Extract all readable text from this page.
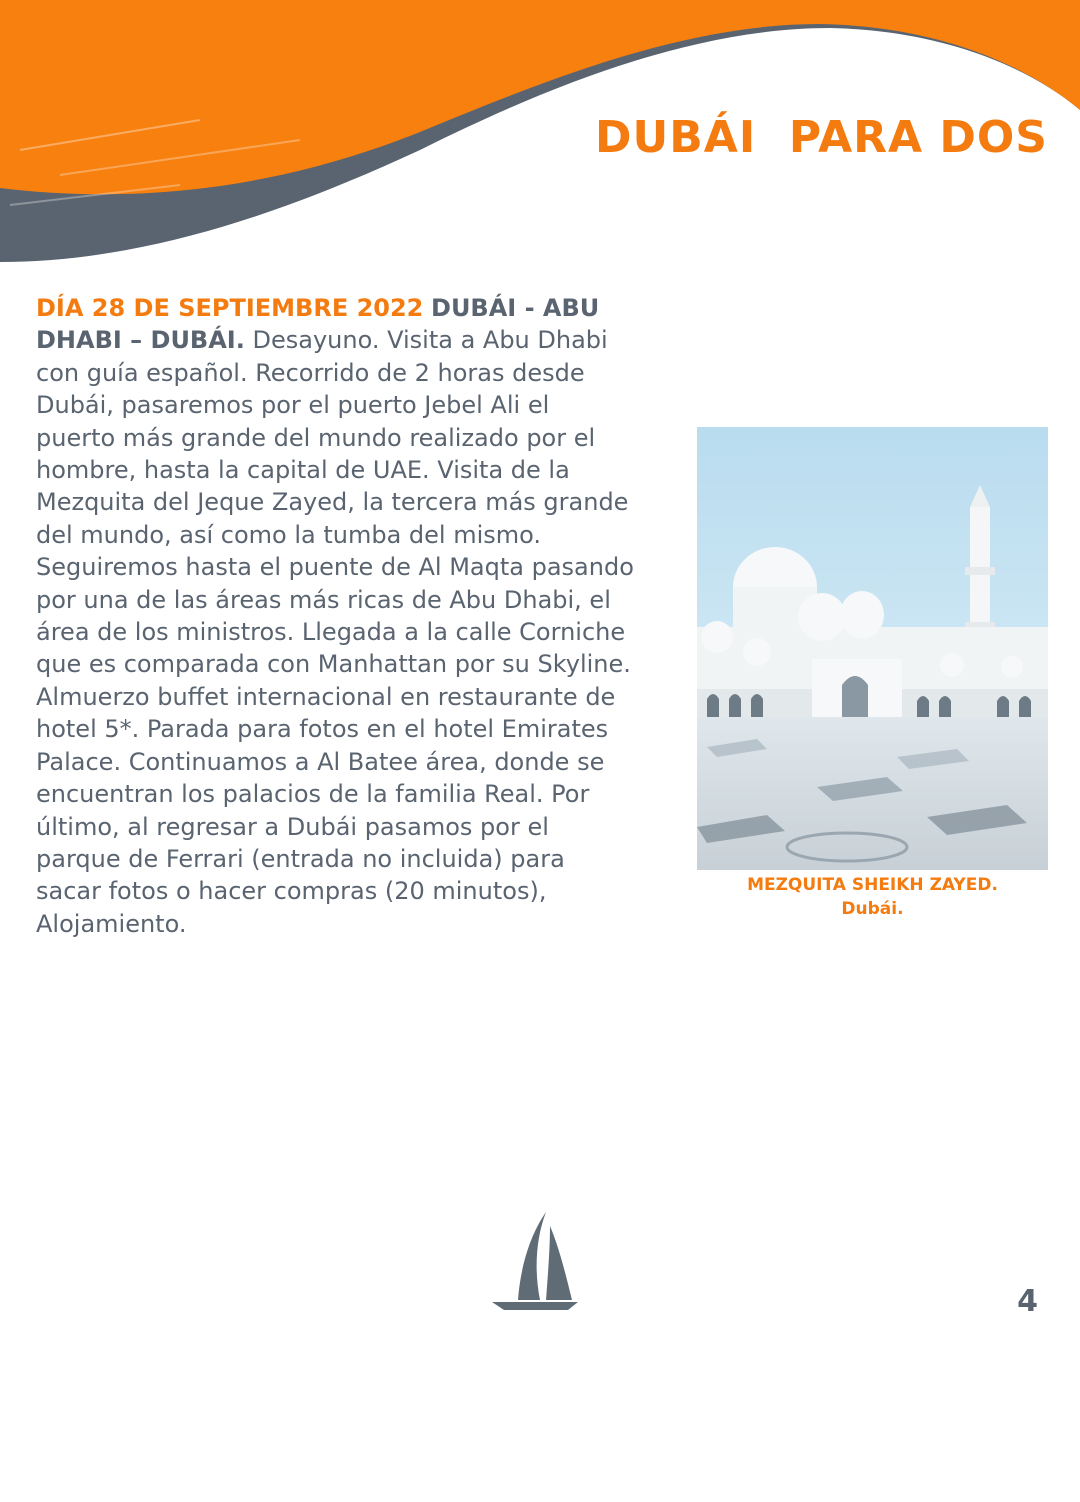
DUBÁI  PARA DOS

DÍA 28 DE SEPTIEMBRE 2022 DUBÁI - ABU DHABI – DUBÁI. Desayuno. Visita a Abu Dhabi con guía español. Recorrido de 2 horas desde Dubái, pasaremos por el puerto Jebel Ali el puerto más grande del mundo realizado por el hombre, hasta la capital de UAE. Visita de la Mezquita del Jeque Zayed, la tercera más grande del mundo, así como la tumba del mismo. Seguiremos hasta el puente de Al Maqta pasando por una de las áreas más ricas de Abu Dhabi, el área de los ministros. Llegada a la calle Corniche que es comparada con Manhattan por su Skyline. Almuerzo buffet internacional en restaurante de hotel 5*. Parada para fotos en el hotel Emirates Palace. Continuamos a Al Batee área, donde se encuentran los palacios de la familia Real. Por último, al regresar a Dubái pasamos por el parque de Ferrari (entrada no incluida) para sacar fotos o hacer compras (20 minutos), Alojamiento.

MEZQUITA SHEIKH ZAYED.
Dubái.
4
